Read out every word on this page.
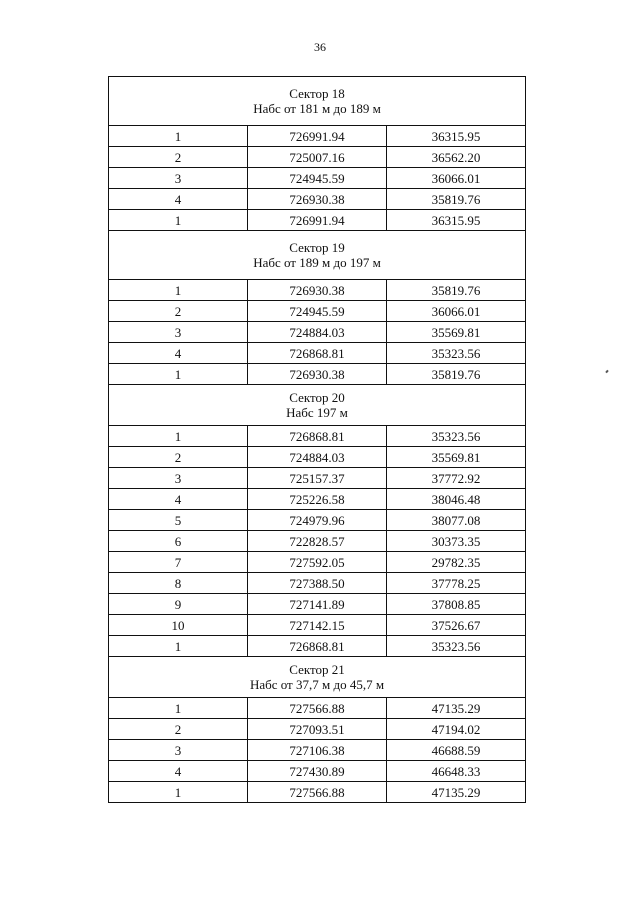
36
Сектор 18
Набс от 181 м до 189 м		

1	726991.94	36315.95
2	725007.16	36562.20
3	724945.59	36066.01
4	726930.38	35819.76
1	726991.94	36315.95

Сектор 19
Набс от 189 м до 197 м		

1	726930.38	35819.76
2	724945.59	36066.01
3	724884.03	35569.81
4	726868.81	35323.56
1	726930.38	35819.76

Сектор 20
Набс 197 м		

1	726868.81	35323.56
2	724884.03	35569.81
3	725157.37	37772.92
4	725226.58	38046.48
5	724979.96	38077.08
6	722828.57	30373.35
7	727592.05	29782.35
8	727388.50	37778.25
9	727141.89	37808.85
10	727142.15	37526.67
1	726868.81	35323.56

Сектор 21
Набс от 37,7 м до 45,7 м		

1	727566.88	47135.29
2	727093.51	47194.02
3	727106.38	46688.59
4	727430.89	46648.33
1	727566.88	47135.29
